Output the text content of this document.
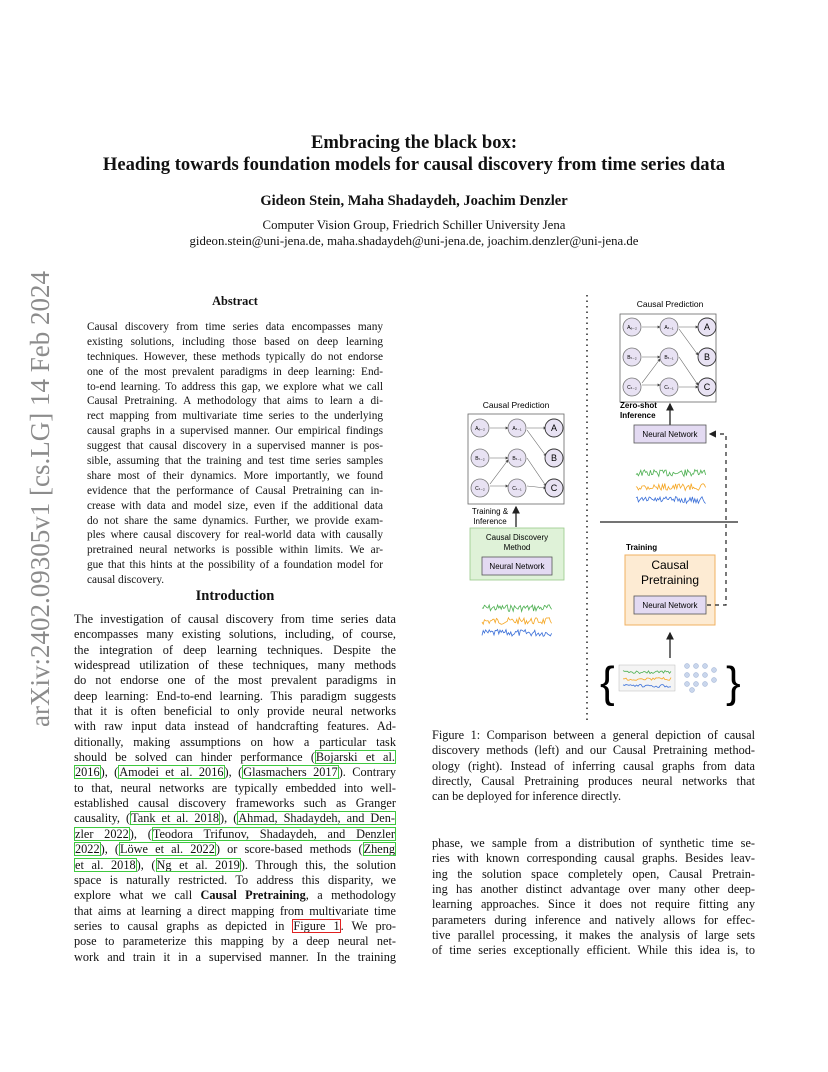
arXiv:2402.09305v1 [cs.LG] 14 Feb 2024
Embracing the black box:
Heading towards foundation models for causal discovery from time series data
Gideon Stein, Maha Shadaydeh, Joachim Denzler
Computer Vision Group, Friedrich Schiller University Jena
gideon.stein@uni-jena.de, maha.shadaydeh@uni-jena.de, joachim.denzler@uni-jena.de
Abstract
Causal discovery from time series data encompasses many
existing solutions, including those based on deep learning
techniques. However, these methods typically do not endorse
one of the most prevalent paradigms in deep learning: End-
to-end learning. To address this gap, we explore what we call
Causal Pretraining. A methodology that aims to learn a di-
rect mapping from multivariate time series to the underlying
causal graphs in a supervised manner. Our empirical findings
suggest that causal discovery in a supervised manner is pos-
sible, assuming that the training and test time series samples
share most of their dynamics. More importantly, we found
evidence that the performance of Causal Pretraining can in-
crease with data and model size, even if the additional data
do not share the same dynamics. Further, we provide exam-
ples where causal discovery for real-world data with causally
pretrained neural networks is possible within limits. We ar-
gue that this hints at the possibility of a foundation model for
causal discovery.
Introduction
The investigation of causal discovery from time series data
encompasses many existing solutions, including, of course,
the integration of deep learning techniques. Despite the
widespread utilization of these techniques, many methods
do not endorse one of the most prevalent paradigms in
deep learning: End-to-end learning. This paradigm suggests
that it is often beneficial to only provide neural networks
with raw input data instead of handcrafting features. Ad-
ditionally, making assumptions on how a particular task
should be solved can hinder performance (Bojarski et al.
2016), (Amodei et al. 2016), (Glasmachers 2017). Contrary
to that, neural networks are typically embedded into well-
established causal discovery frameworks such as Granger
causality, (Tank et al. 2018), (Ahmad, Shadaydeh, and Den-
zler 2022), (Teodora Trifunov, Shadaydeh, and Denzler
2022), (Löwe et al. 2022) or score-based methods (Zheng
et al. 2018), (Ng et al. 2019). Through this, the solution
space is naturally restricted. To address this disparity, we
explore what we call Causal Pretraining, a methodology
that aims at learning a direct mapping from multivariate time
series to causal graphs as depicted in Figure 1. We pro-
pose to parameterize this mapping by a deep neural net-
work and train it in a supervised manner. In the training
Causal Prediction
Aₑ₋₂	Aₜ₋₁	A
Bₜ₋₂	Bₜ₋₁	B
Cₜ₋₂	Cₜ₋₁	C
Training &
Inference
Causal Discovery
Method
Neural Network
Causal Prediction
Aₑ₋₂	Aₜ₋₁	A
Bₜ₋₂	Bₜ₋₁	B
Cₜ₋₂	Cₜ₋₁	C
Zero-shot
Inference
Neural Network
Training
Causal
Pretraining
Neural Network
{	}
Figure 1: Comparison between a general depiction of causal
discovery methods (left) and our Causal Pretraining method-
ology (right). Instead of inferring causal graphs from data
directly, Causal Pretraining produces neural networks that
can be deployed for inference directly.
phase, we sample from a distribution of synthetic time se-
ries with known corresponding causal graphs. Besides leav-
ing the solution space completely open, Causal Pretrain-
ing has another distinct advantage over many other deep-
learning approaches. Since it does not require fitting any
parameters during inference and natively allows for effec-
tive parallel processing, it makes the analysis of large sets
of time series exceptionally efficient. While this idea is, to
